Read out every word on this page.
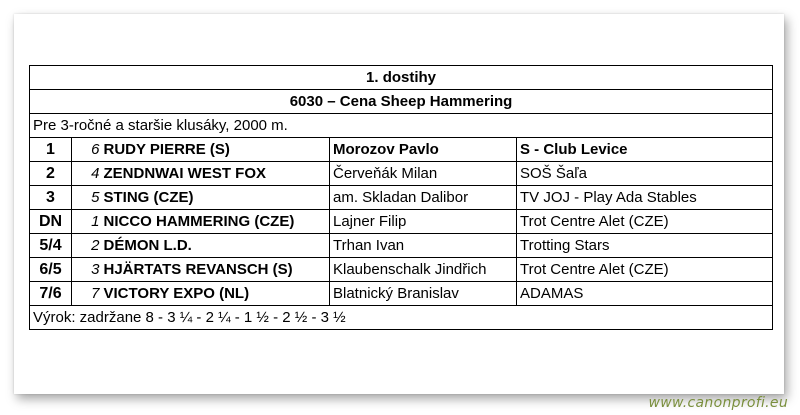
1. dostihy				
6030 – Cena Sheep Hammering				
Pre 3-ročné a staršie klusáky, 2000 m.				
1	6	RUDY PIERRE (S)	Morozov Pavlo	S - Club Levice
2	4	ZENDNWAI WEST FOX	Červeňák Milan	SOŠ Šaľa
3	5	STING (CZE)	am. Skladan Dalibor	TV JOJ - Play Ada Stables
DN	1	NICCO HAMMERING (CZE)	Lajner Filip	Trot Centre Alet (CZE)
5/4	2	DÉMON L.D.	Trhan Ivan	Trotting Stars
6/5	3	HJÄRTATS REVANSCH (S)	Klaubenschalk Jindřich	Trot Centre Alet (CZE)
7/6	7	VICTORY EXPO (NL)	Blatnický Branislav	ADAMAS
Výrok: zadržane 8 - 3 ¼ - 2 ¼ - 1 ½ - 2 ½ - 3 ½				
www.canonprofi.eu
